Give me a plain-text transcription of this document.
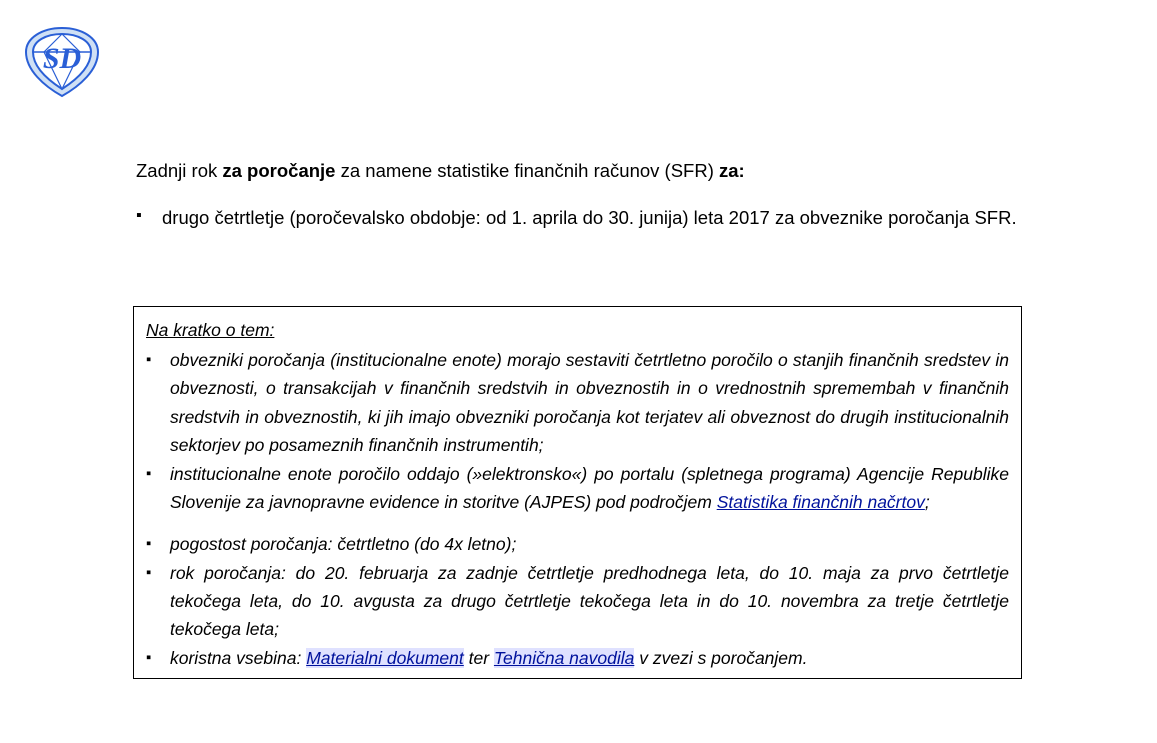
SD
Zadnji rok za poročanje za namene statistike finančnih računov (SFR) za:
▪	drugo četrtletje (poročevalsko obdobje: od 1. aprila do 30. junija) leta 2017 za obveznike poročanja SFR.
Na kratko o tem:
▪	obvezniki poročanja (institucionalne enote) morajo sestaviti četrtletno poročilo o stanjih finančnih sredstev in obveznosti, o transakcijah v finančnih sredstvih in obveznostih in o vrednostnih spremembah v finančnih sredstvih in obveznostih, ki jih imajo obvezniki poročanja kot terjatev ali obveznost do drugih institucionalnih sektorjev po posameznih finančnih instrumentih;
▪	institucionalne enote poročilo oddajo (»elektronsko«) po portalu (spletnega programa) Agencije Republike Slovenije za javnopravne evidence in storitve (AJPES) pod področjem Statistika finančnih načrtov;
▪	pogostost poročanja: četrtletno (do 4x letno);
▪	rok poročanja: do 20. februarja za zadnje četrtletje predhodnega leta, do 10. maja za prvo četrtletje tekočega leta, do 10. avgusta za drugo četrtletje tekočega leta in do 10. novembra za tretje četrtletje tekočega leta;
▪	koristna vsebina: Materialni dokument ter Tehnična navodila v zvezi s poročanjem.
